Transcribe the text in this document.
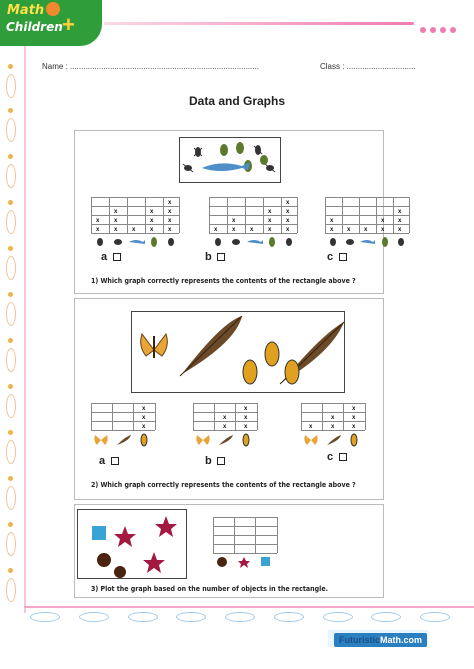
Math
Children +
Name : .....................................................................................	Class : ...............................
Data and Graphs
x
x
x
x
x x
x
x
x
x
x
x
x
a
x
x
x x
x
x
x
x
x
x
x
b
x
x x x
x
x
x
x
x
c
1) Which graph correctly represents the contents of the rectangle above ?
x
x
x
a
x
x
x
x
x
b
x
x
x
x
x
x
c
2) Which graph correctly represents the contents of the rectangle above ?
3) Plot the graph based on the number of objects in the rectangle.
FuturisticMath.com
